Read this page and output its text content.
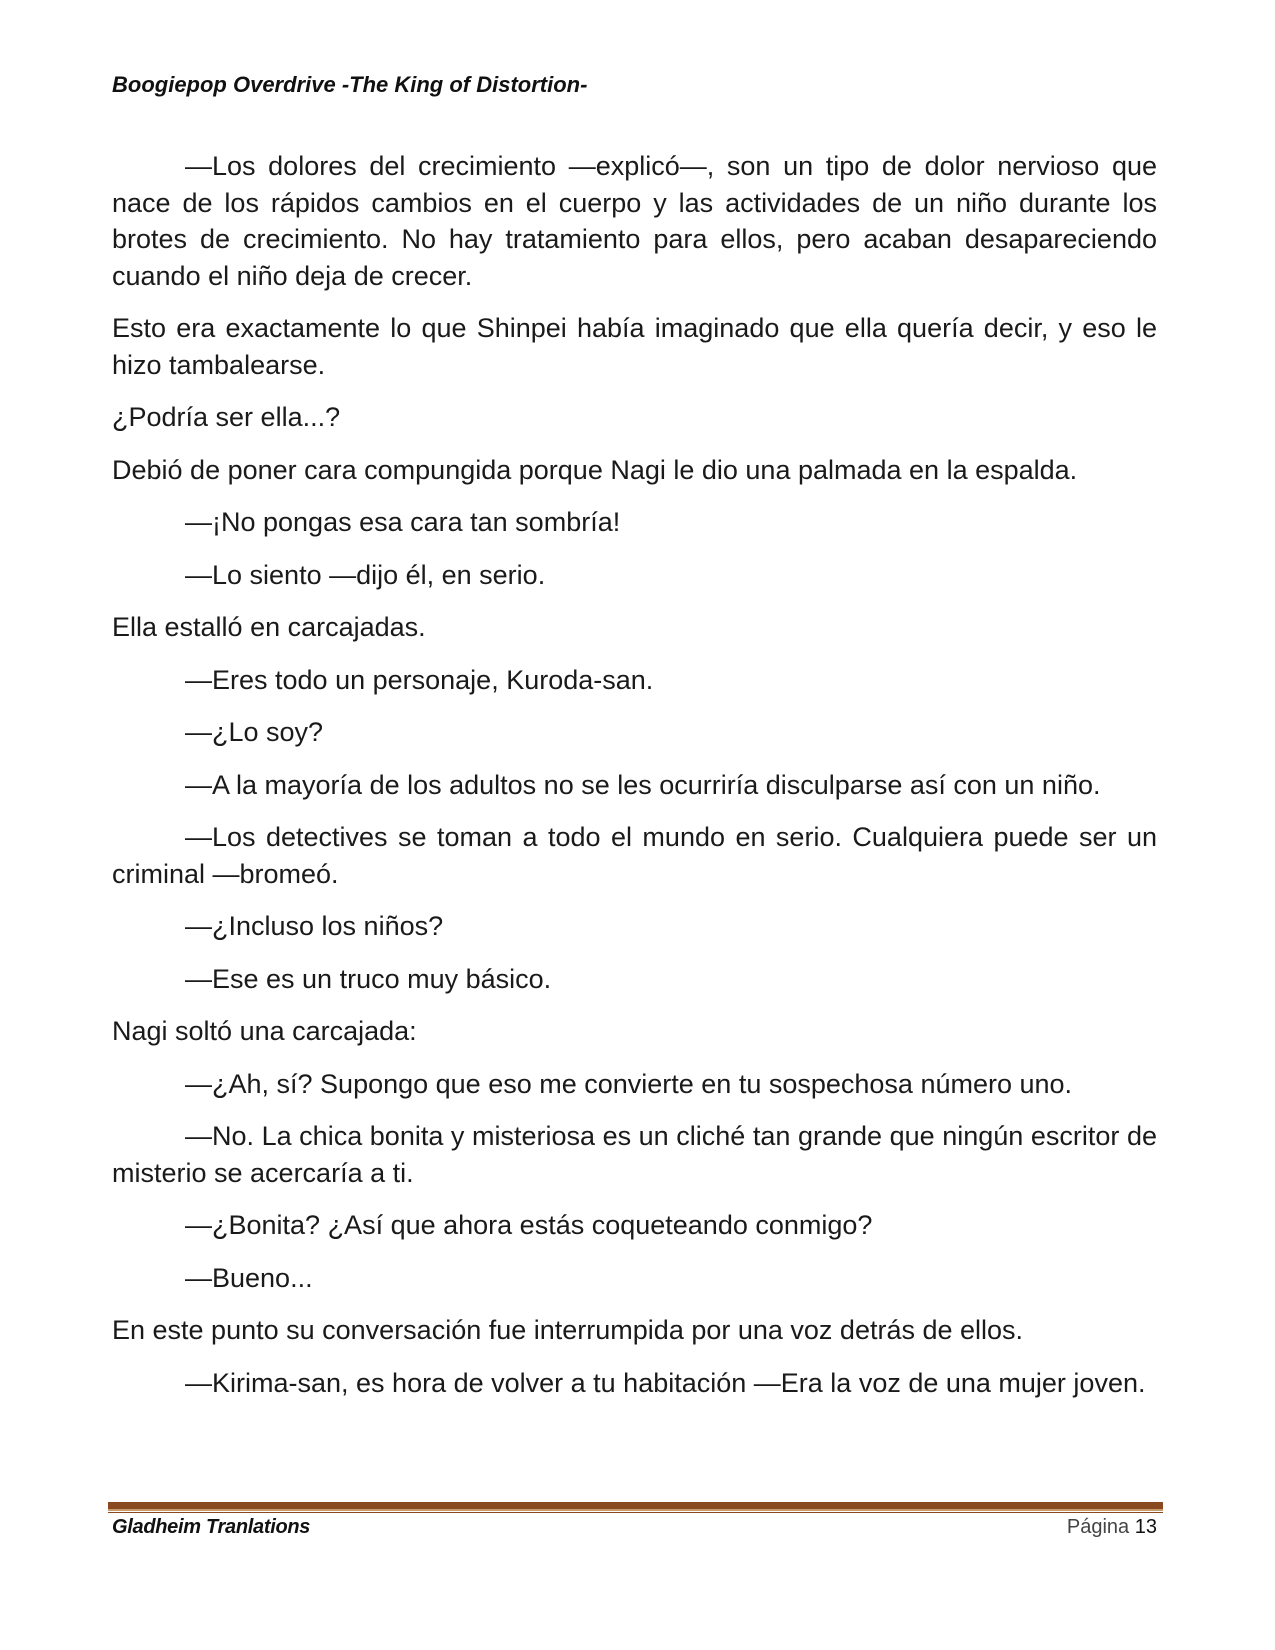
Boogiepop Overdrive -The King of Distortion-

—Los dolores del crecimiento —explicó—, son un tipo de dolor nervioso que nace de los rápidos cambios en el cuerpo y las actividades de un niño durante los brotes de crecimiento. No hay tratamiento para ellos, pero acaban desapareciendo cuando el niño deja de crecer.

Esto era exactamente lo que Shinpei había imaginado que ella quería decir, y eso le hizo tambalearse.

¿Podría ser ella...?

Debió de poner cara compungida porque Nagi le dio una palmada en la espalda.

—¡No pongas esa cara tan sombría!

—Lo siento —dijo él, en serio.

Ella estalló en carcajadas.

—Eres todo un personaje, Kuroda-san.

—¿Lo soy?

—A la mayoría de los adultos no se les ocurriría disculparse así con un niño.

—Los detectives se toman a todo el mundo en serio. Cualquiera puede ser un criminal —bromeó.

—¿Incluso los niños?

—Ese es un truco muy básico.

Nagi soltó una carcajada:

—¿Ah, sí? Supongo que eso me convierte en tu sospechosa número uno.

—No. La chica bonita y misteriosa es un cliché tan grande que ningún escritor de misterio se acercaría a ti.

—¿Bonita? ¿Así que ahora estás coqueteando conmigo?

—Bueno...

En este punto su conversación fue interrumpida por una voz detrás de ellos.

—Kirima-san, es hora de volver a tu habitación —Era la voz de una mujer joven.

Gladheim Tranlations	Página 13
